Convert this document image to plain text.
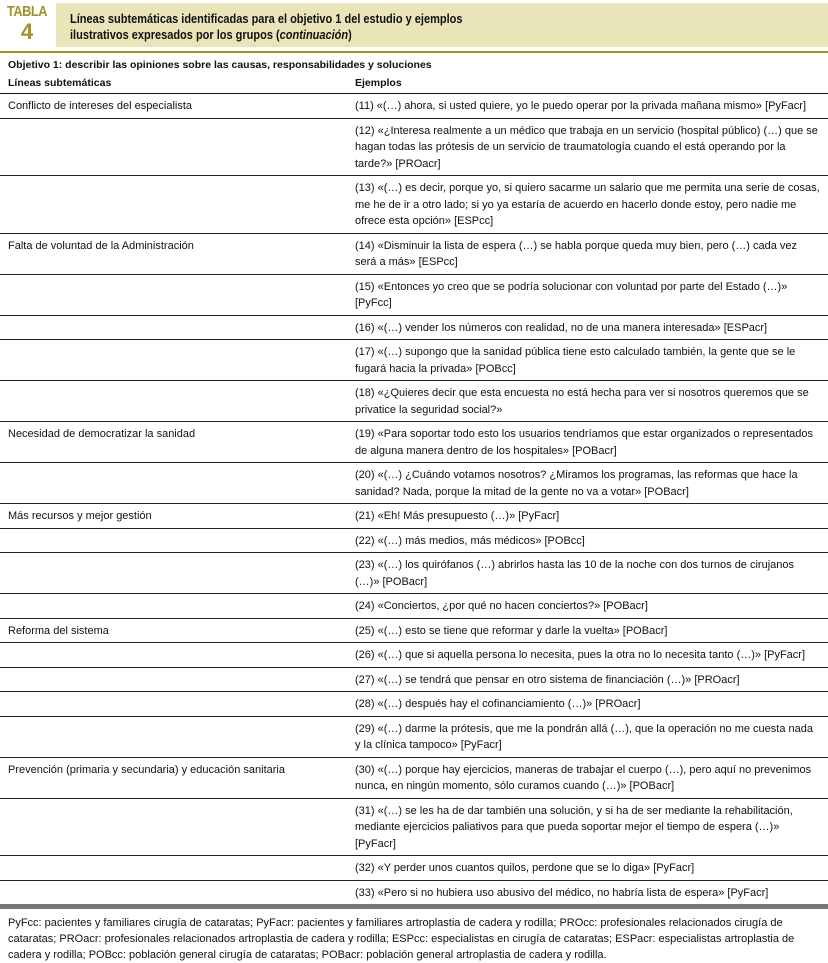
TABLA
4	Líneas subtemáticas identificadas para el objetivo 1 del estudio y ejemplos
ilustrativos expresados por los grupos (continuación)
Objetivo 1: describir las opiniones sobre las causas, responsabilidades y soluciones
Líneas subtemáticas	Ejemplos
Conflicto de intereses del especialista	(11) «(…) ahora, si usted quiere, yo le puedo operar por la privada mañana mismo» [PyFacr]
(12) «¿Interesa realmente a un médico que trabaja en un servicio (hospital público) (…) que se hagan todas las prótesis de un servicio de traumatología cuando el está operando por la tarde?» [PROacr]
(13) «(…) es decir, porque yo, si quiero sacarme un salario que me permita una serie de cosas, me he de ir a otro lado; si yo ya estaría de acuerdo en hacerlo donde estoy, pero nadie me ofrece esta opción» [ESPcc]
Falta de voluntad de la Administración	(14) «Disminuir la lista de espera (…) se habla porque queda muy bien, pero (…) cada vez será a más» [ESPcc]
(15) «Entonces yo creo que se podría solucionar con voluntad por parte del Estado (…)» [PyFcc]
(16) «(…) vender los números con realidad, no de una manera interesada» [ESPacr]
(17) «(…) supongo que la sanidad pública tiene esto calculado también, la gente que se le fugará hacia la privada» [POBcc]
(18) «¿Quieres decir que esta encuesta no está hecha para ver si nosotros queremos que se privatice la seguridad social?»
Necesidad de democratizar la sanidad	(19) «Para soportar todo esto los usuarios tendríamos que estar organizados o representados de alguna manera dentro de los hospitales» [POBacr]
(20) «(…) ¿Cuándo votamos nosotros? ¿Miramos los programas, las reformas que hace la sanidad? Nada, porque la mitad de la gente no va a votar» [POBacr]
Más recursos y mejor gestión	(21) «Eh! Más presupuesto (…)» [PyFacr]
(22) «(…) más medios, más médicos» [POBcc]
(23) «(…) los quirófanos (…) abrirlos hasta las 10 de la noche con dos turnos de cirujanos (…)» [POBacr]
(24) «Conciertos, ¿por qué no hacen conciertos?» [POBacr]
Reforma del sistema	(25) «(…) esto se tiene que reformar y darle la vuelta» [POBacr]
(26) «(…) que si aquella persona lo necesita, pues la otra no lo necesita tanto (…)» [PyFacr]
(27) «(…) se tendrá que pensar en otro sistema de financiación (…)» [PROacr]
(28) «(…) después hay el cofinanciamiento (…)» [PROacr]
(29) «(…) darme la prótesis, que me la pondrán allá (…), que la operación no me cuesta nada y la clínica tampoco» [PyFacr]
Prevención (primaria y secundaria) y educación sanitaria	(30) «(…) porque hay ejercicios, maneras de trabajar el cuerpo (…), pero aquí no prevenimos nunca, en ningún momento, sólo curamos cuando (…)» [POBacr]
(31) «(…) se les ha de dar también una solución, y si ha de ser mediante la rehabilitación, mediante ejercicios paliativos para que pueda soportar mejor el tiempo de espera (…)» [PyFacr]
(32) «Y perder unos cuantos quilos, perdone que se lo diga» [PyFacr]
(33) «Pero si no hubiera uso abusivo del médico, no habría lista de espera» [PyFacr]
PyFcc: pacientes y familiares cirugía de cataratas; PyFacr: pacientes y familiares artroplastia de cadera y rodilla; PROcc: profesionales relacionados cirugía de cataratas; PROacr: profesionales relacionados artroplastia de cadera y rodilla; ESPcc: especialistas en cirugía de cataratas; ESPacr: especialistas artroplastia de cadera y rodilla; POBcc: población general cirugía de cataratas; POBacr: población general artroplastia de cadera y rodilla.
